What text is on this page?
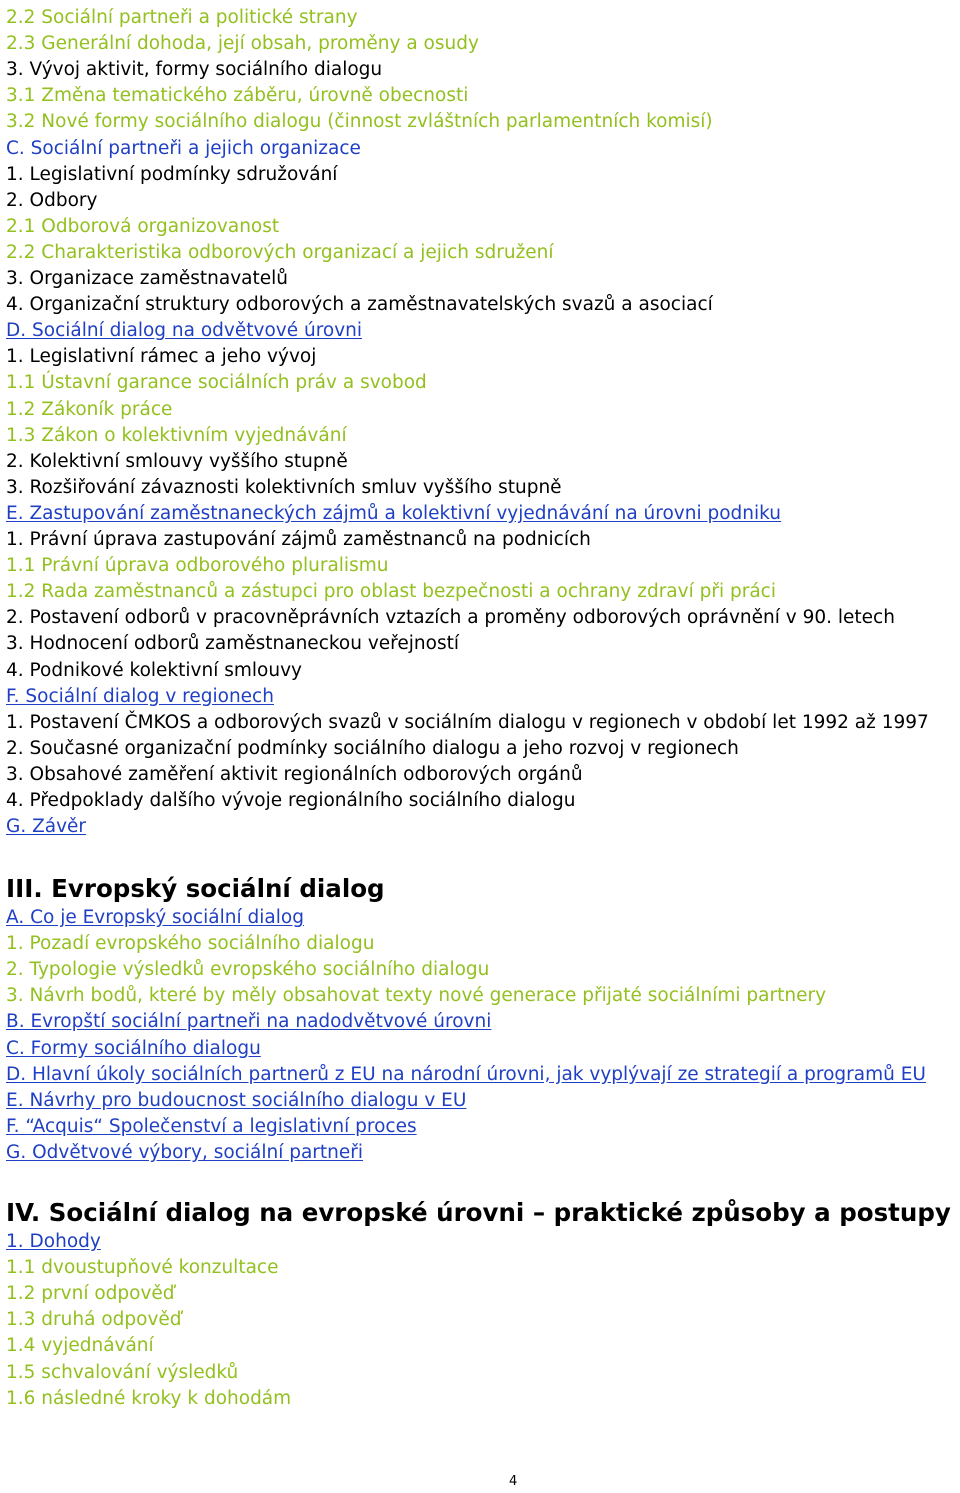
2.2 Sociální partneři a politické strany
2.3 Generální dohoda, její obsah, proměny a osudy
3. Vývoj aktivit, formy sociálního dialogu
3.1 Změna tematického záběru, úrovně obecnosti
3.2 Nové formy sociálního dialogu (činnost zvláštních parlamentních komisí)
C. Sociální partneři a jejich organizace
1. Legislativní podmínky sdružování
2. Odbory
2.1 Odborová organizovanost
2.2 Charakteristika odborových organizací a jejich sdružení
3. Organizace zaměstnavatelů
4. Organizační struktury odborových a zaměstnavatelských svazů a asociací
D. Sociální dialog na odvětvové úrovni
1. Legislativní rámec a jeho vývoj
1.1 Ústavní garance sociálních práv a svobod
1.2 Zákoník práce
1.3 Zákon o kolektivním vyjednávání
2. Kolektivní smlouvy vyššího stupně
3. Rozšiřování závaznosti kolektivních smluv vyššího stupně
E. Zastupování zaměstnaneckých zájmů a kolektivní vyjednávání na úrovni podniku
1. Právní úprava zastupování zájmů zaměstnanců na podnicích
1.1 Právní úprava odborového pluralismu
1.2 Rada zaměstnanců a zástupci pro oblast bezpečnosti a ochrany zdraví při práci
2. Postavení odborů v pracovněprávních vztazích a proměny odborových oprávnění v 90. letech
3. Hodnocení odborů zaměstnaneckou veřejností
4. Podnikové kolektivní smlouvy
F. Sociální dialog v regionech
1. Postavení ČMKOS a odborových svazů v sociálním dialogu v regionech v období let 1992 až 1997
2. Současné organizační podmínky sociálního dialogu a jeho rozvoj v regionech
3. Obsahové zaměření aktivit regionálních odborových orgánů
4. Předpoklady dalšího vývoje regionálního sociálního dialogu
G. Závěr
III. Evropský sociální dialog
A. Co je Evropský sociální dialog
1. Pozadí evropského sociálního dialogu
2. Typologie výsledků evropského sociálního dialogu
3. Návrh bodů, které by měly obsahovat texty nové generace přijaté sociálními partnery
B. Evropští sociální partneři na nadodvětvové úrovni
C. Formy sociálního dialogu
D. Hlavní úkoly sociálních partnerů z EU na národní úrovni, jak vyplývají ze strategií a programů EU
E. Návrhy pro budoucnost sociálního dialogu v EU
F. “Acquis“ Společenství a legislativní proces
G. Odvětvové výbory, sociální partneři
IV. Sociální dialog na evropské úrovni – praktické způsoby a postupy
1. Dohody
1.1 dvoustupňové konzultace
1.2 první odpověď
1.3 druhá odpověď
1.4 vyjednávání
1.5 schvalování výsledků
1.6 následné kroky k dohodám
4
